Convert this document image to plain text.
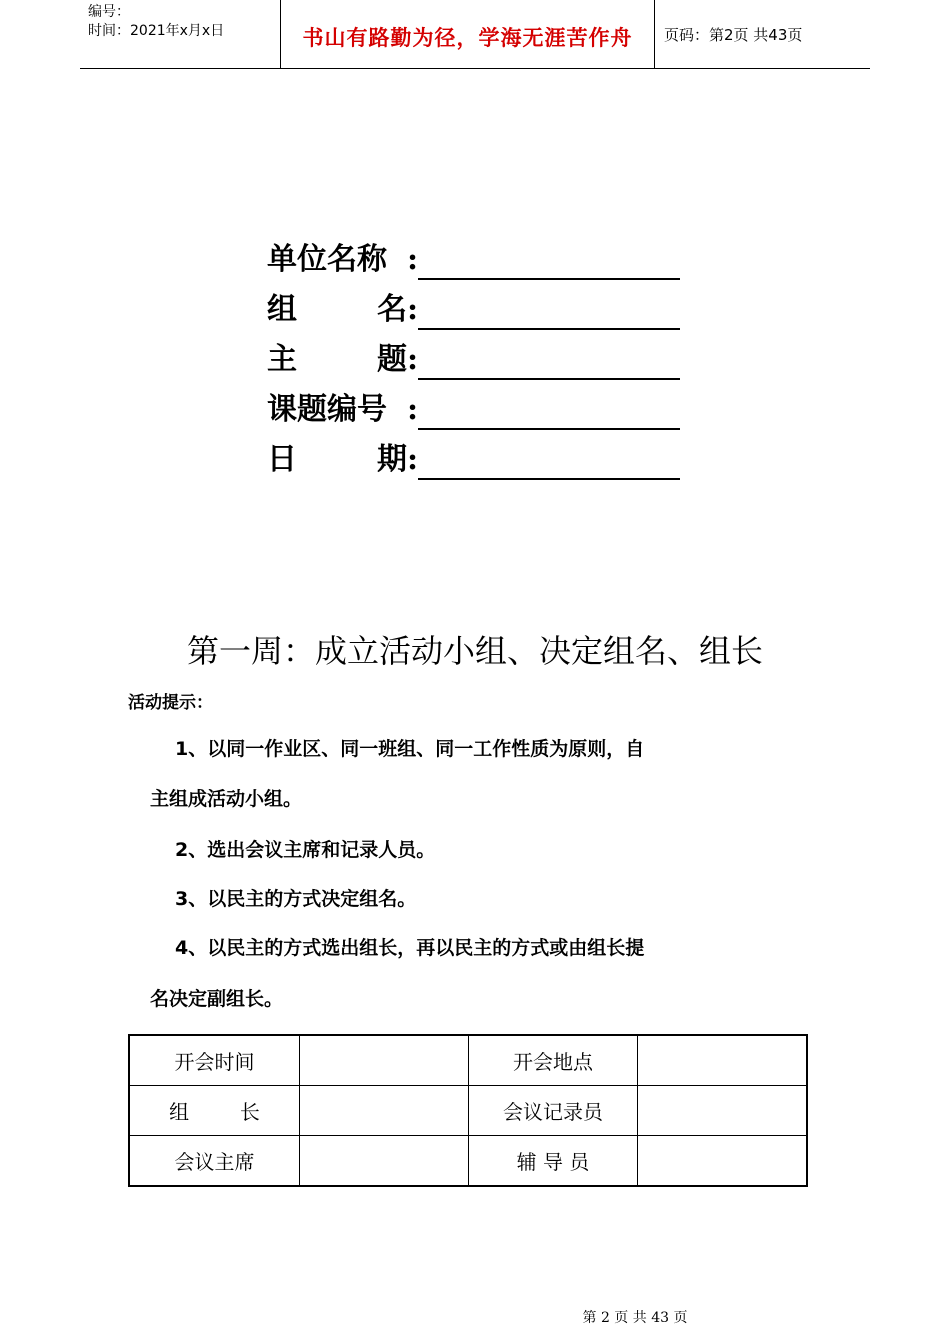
编号：
时间：2021年x月x日	书山有路勤为径，学海无涯苦作舟	页码：第2页 共43页
单位名称 :
组	名 :
主	题 :
课题编号 :
日	期 :
第一周：成立活动小组、决定组名、组长
活动提示：
1、以同一作业区、同一班组、同一工作性质为原则，自
主组成活动小组。
2、选出会议主席和记录人员。
3、以民主的方式决定组名。
4、以民主的方式选出组长，再以民主的方式或由组长提
名决定副组长。
开会时间		开会地点	
组        长		会议记录员	
会议主席		辅 导 员	
第 2 页 共 43 页
